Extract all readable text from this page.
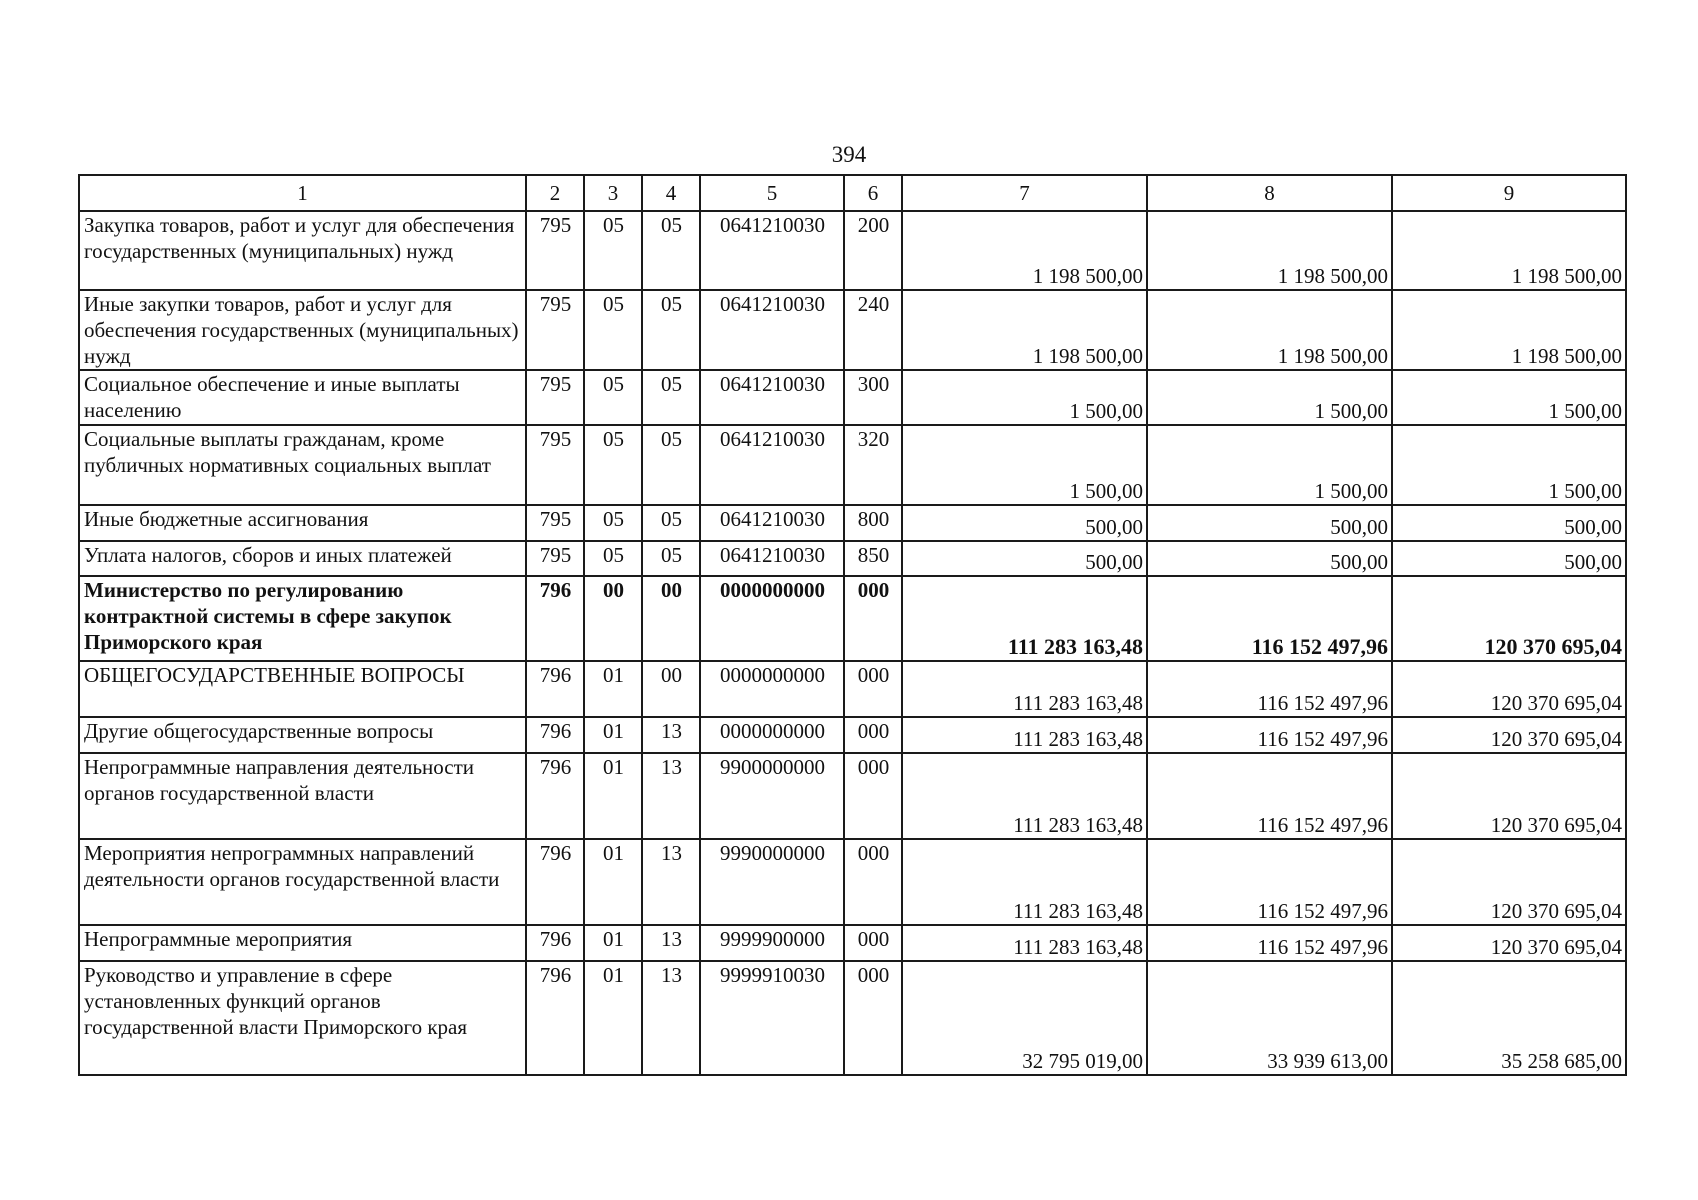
394
1	2	3	4	5	6	7	8	9
Закупка товаров, работ и услуг для обеспечения государственных (муниципальных) нужд	795	05	05	0641210030	200	1 198 500,00	1 198 500,00	1 198 500,00
Иные закупки товаров, работ и услуг для обеспечения государственных (муниципальных) нужд	795	05	05	0641210030	240	1 198 500,00	1 198 500,00	1 198 500,00
Социальное обеспечение и иные выплаты населению	795	05	05	0641210030	300	1 500,00	1 500,00	1 500,00
Социальные выплаты гражданам, кроме публичных нормативных социальных выплат	795	05	05	0641210030	320	1 500,00	1 500,00	1 500,00
Иные бюджетные ассигнования	795	05	05	0641210030	800	500,00	500,00	500,00
Уплата налогов, сборов и иных платежей	795	05	05	0641210030	850	500,00	500,00	500,00
Министерство по регулированию контрактной системы в сфере закупок Приморского края	796	00	00	0000000000	000	111 283 163,48	116 152 497,96	120 370 695,04
ОБЩЕГОСУДАРСТВЕННЫЕ ВОПРОСЫ	796	01	00	0000000000	000	111 283 163,48	116 152 497,96	120 370 695,04
Другие общегосударственные вопросы	796	01	13	0000000000	000	111 283 163,48	116 152 497,96	120 370 695,04
Непрограммные направления деятельности органов государственной власти	796	01	13	9900000000	000	111 283 163,48	116 152 497,96	120 370 695,04
Мероприятия непрограммных направлений деятельности органов государственной власти	796	01	13	9990000000	000	111 283 163,48	116 152 497,96	120 370 695,04
Непрограммные мероприятия	796	01	13	9999900000	000	111 283 163,48	116 152 497,96	120 370 695,04
Руководство и управление в сфере установленных функций органов государственной власти Приморского края	796	01	13	9999910030	000	32 795 019,00	33 939 613,00	35 258 685,00
